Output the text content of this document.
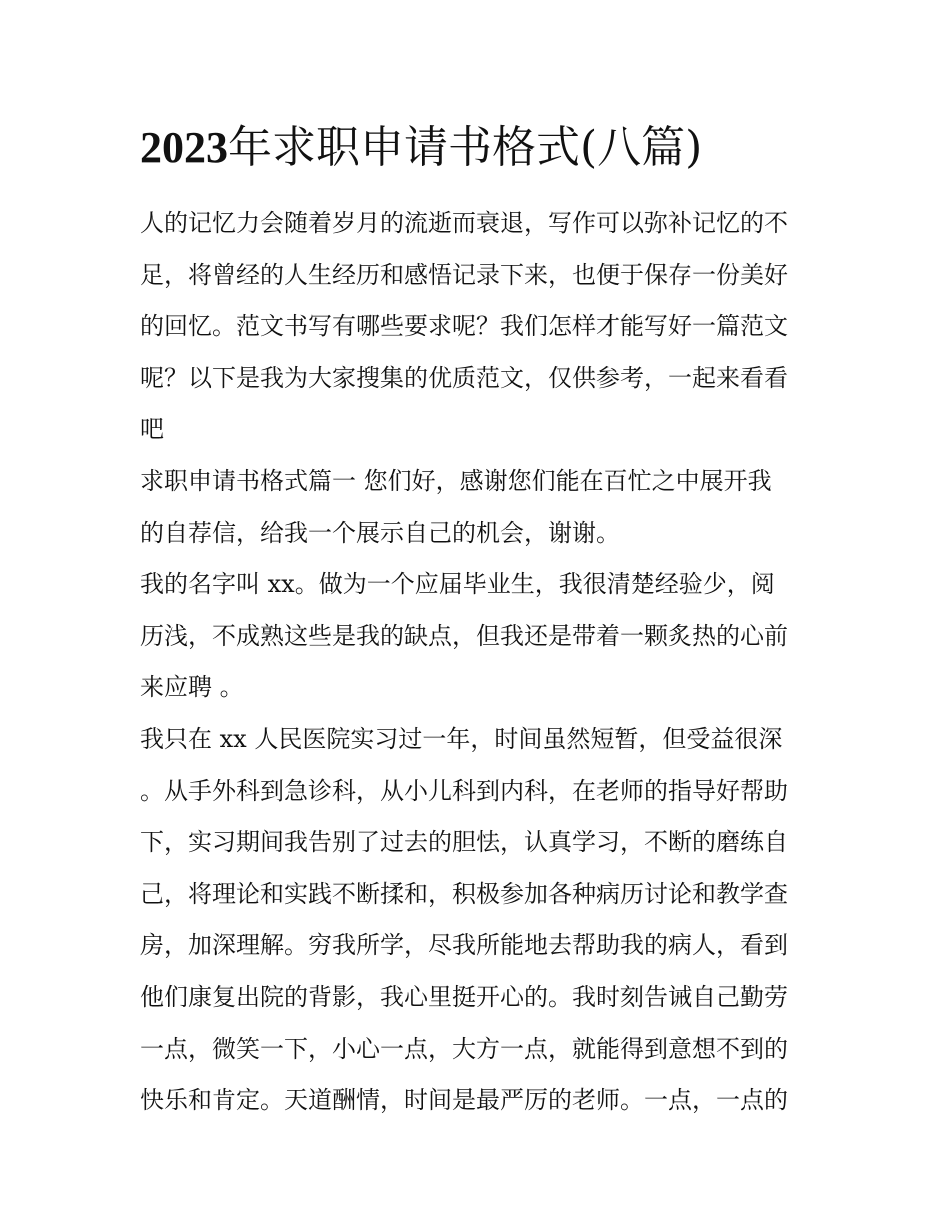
2023年求职申请书格式(八篇)
人的记忆力会随着岁月的流逝而衰退，写作可以弥补记忆的不
足，将曾经的人生经历和感悟记录下来，也便于保存一份美好
的回忆。范文书写有哪些要求呢？我们怎样才能写好一篇范文
呢？以下是我为大家搜集的优质范文，仅供参考，一起来看看
吧
求职申请书格式篇一 您们好，感谢您们能在百忙之中展开我
的自荐信，给我一个展示自己的机会，谢谢。
我的名字叫 xx。做为一个应届毕业生，我很清楚经验少，阅
历浅，不成熟这些是我的缺点，但我还是带着一颗炙热的心前
来应聘 。
我只在 xx 人民医院实习过一年，时间虽然短暂，但受益很深
。从手外科到急诊科，从小儿科到内科，在老师的指导好帮助
下，实习期间我告别了过去的胆怯，认真学习，不断的磨练自
己，将理论和实践不断揉和，积极参加各种病历讨论和教学查
房，加深理解。穷我所学，尽我所能地去帮助我的病人，看到
他们康复出院的背影，我心里挺开心的。我时刻告诫自己勤劳
一点，微笑一下，小心一点，大方一点，就能得到意想不到的
快乐和肯定。天道酬情，时间是最严厉的老师。一点，一点的
